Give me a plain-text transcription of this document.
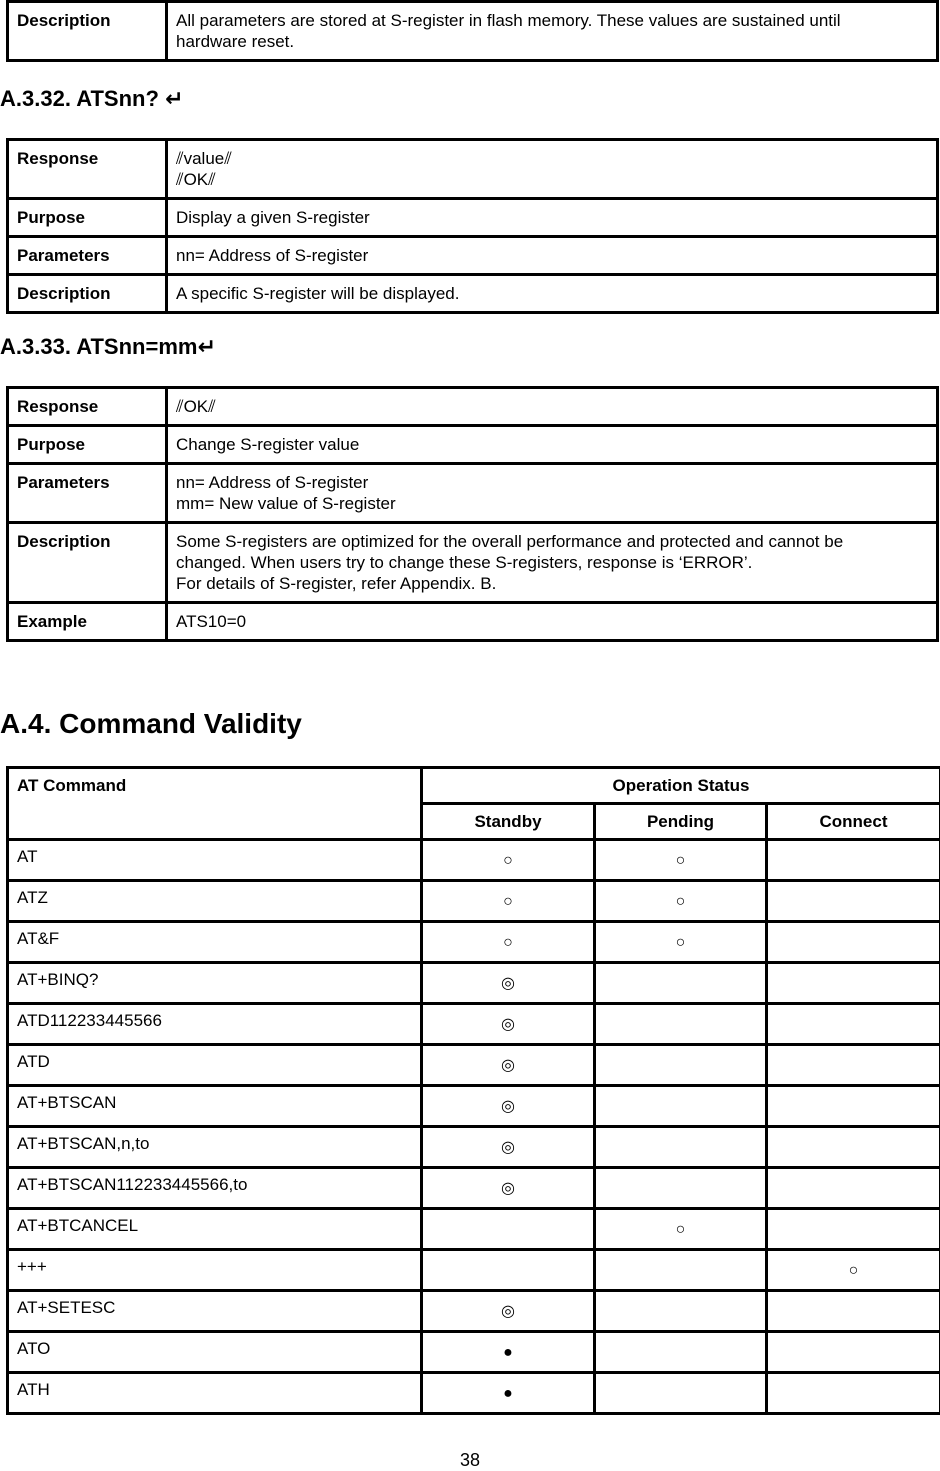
Description	All parameters are stored at S-register in flash memory. These values are sustained until
hardware reset.
A.3.32. ATSnn? ↵
Response	⫽value⫽
⫽OK⫽

Purpose	Display a given S-register

Parameters	nn= Address of S-register

Description	A specific S-register will be displayed.
A.3.33. ATSnn=mm↵
Response	⫽OK⫽

Purpose	Change S-register value

Parameters	nn= Address of S-register
mm= New value of S-register

Description	Some S-registers are optimized for the overall performance and protected and cannot be
changed. When users try to change these S-registers, response is ‘ERROR’.
For details of S-register, refer Appendix. B.

Example	ATS10=0
A.4. Command Validity
AT Command	Operation Status		
	Standby	Pending	Connect
AT	○	○	
ATZ	○	○	
AT&F	○	○	
AT+BINQ?	◎		
ATD112233445566	◎		
ATD	◎		
AT+BTSCAN	◎		
AT+BTSCAN,n,to	◎		
AT+BTSCAN112233445566,to	◎		
AT+BTCANCEL		○	
+++			○
AT+SETESC	◎		
ATO	●		
ATH	●		
38
